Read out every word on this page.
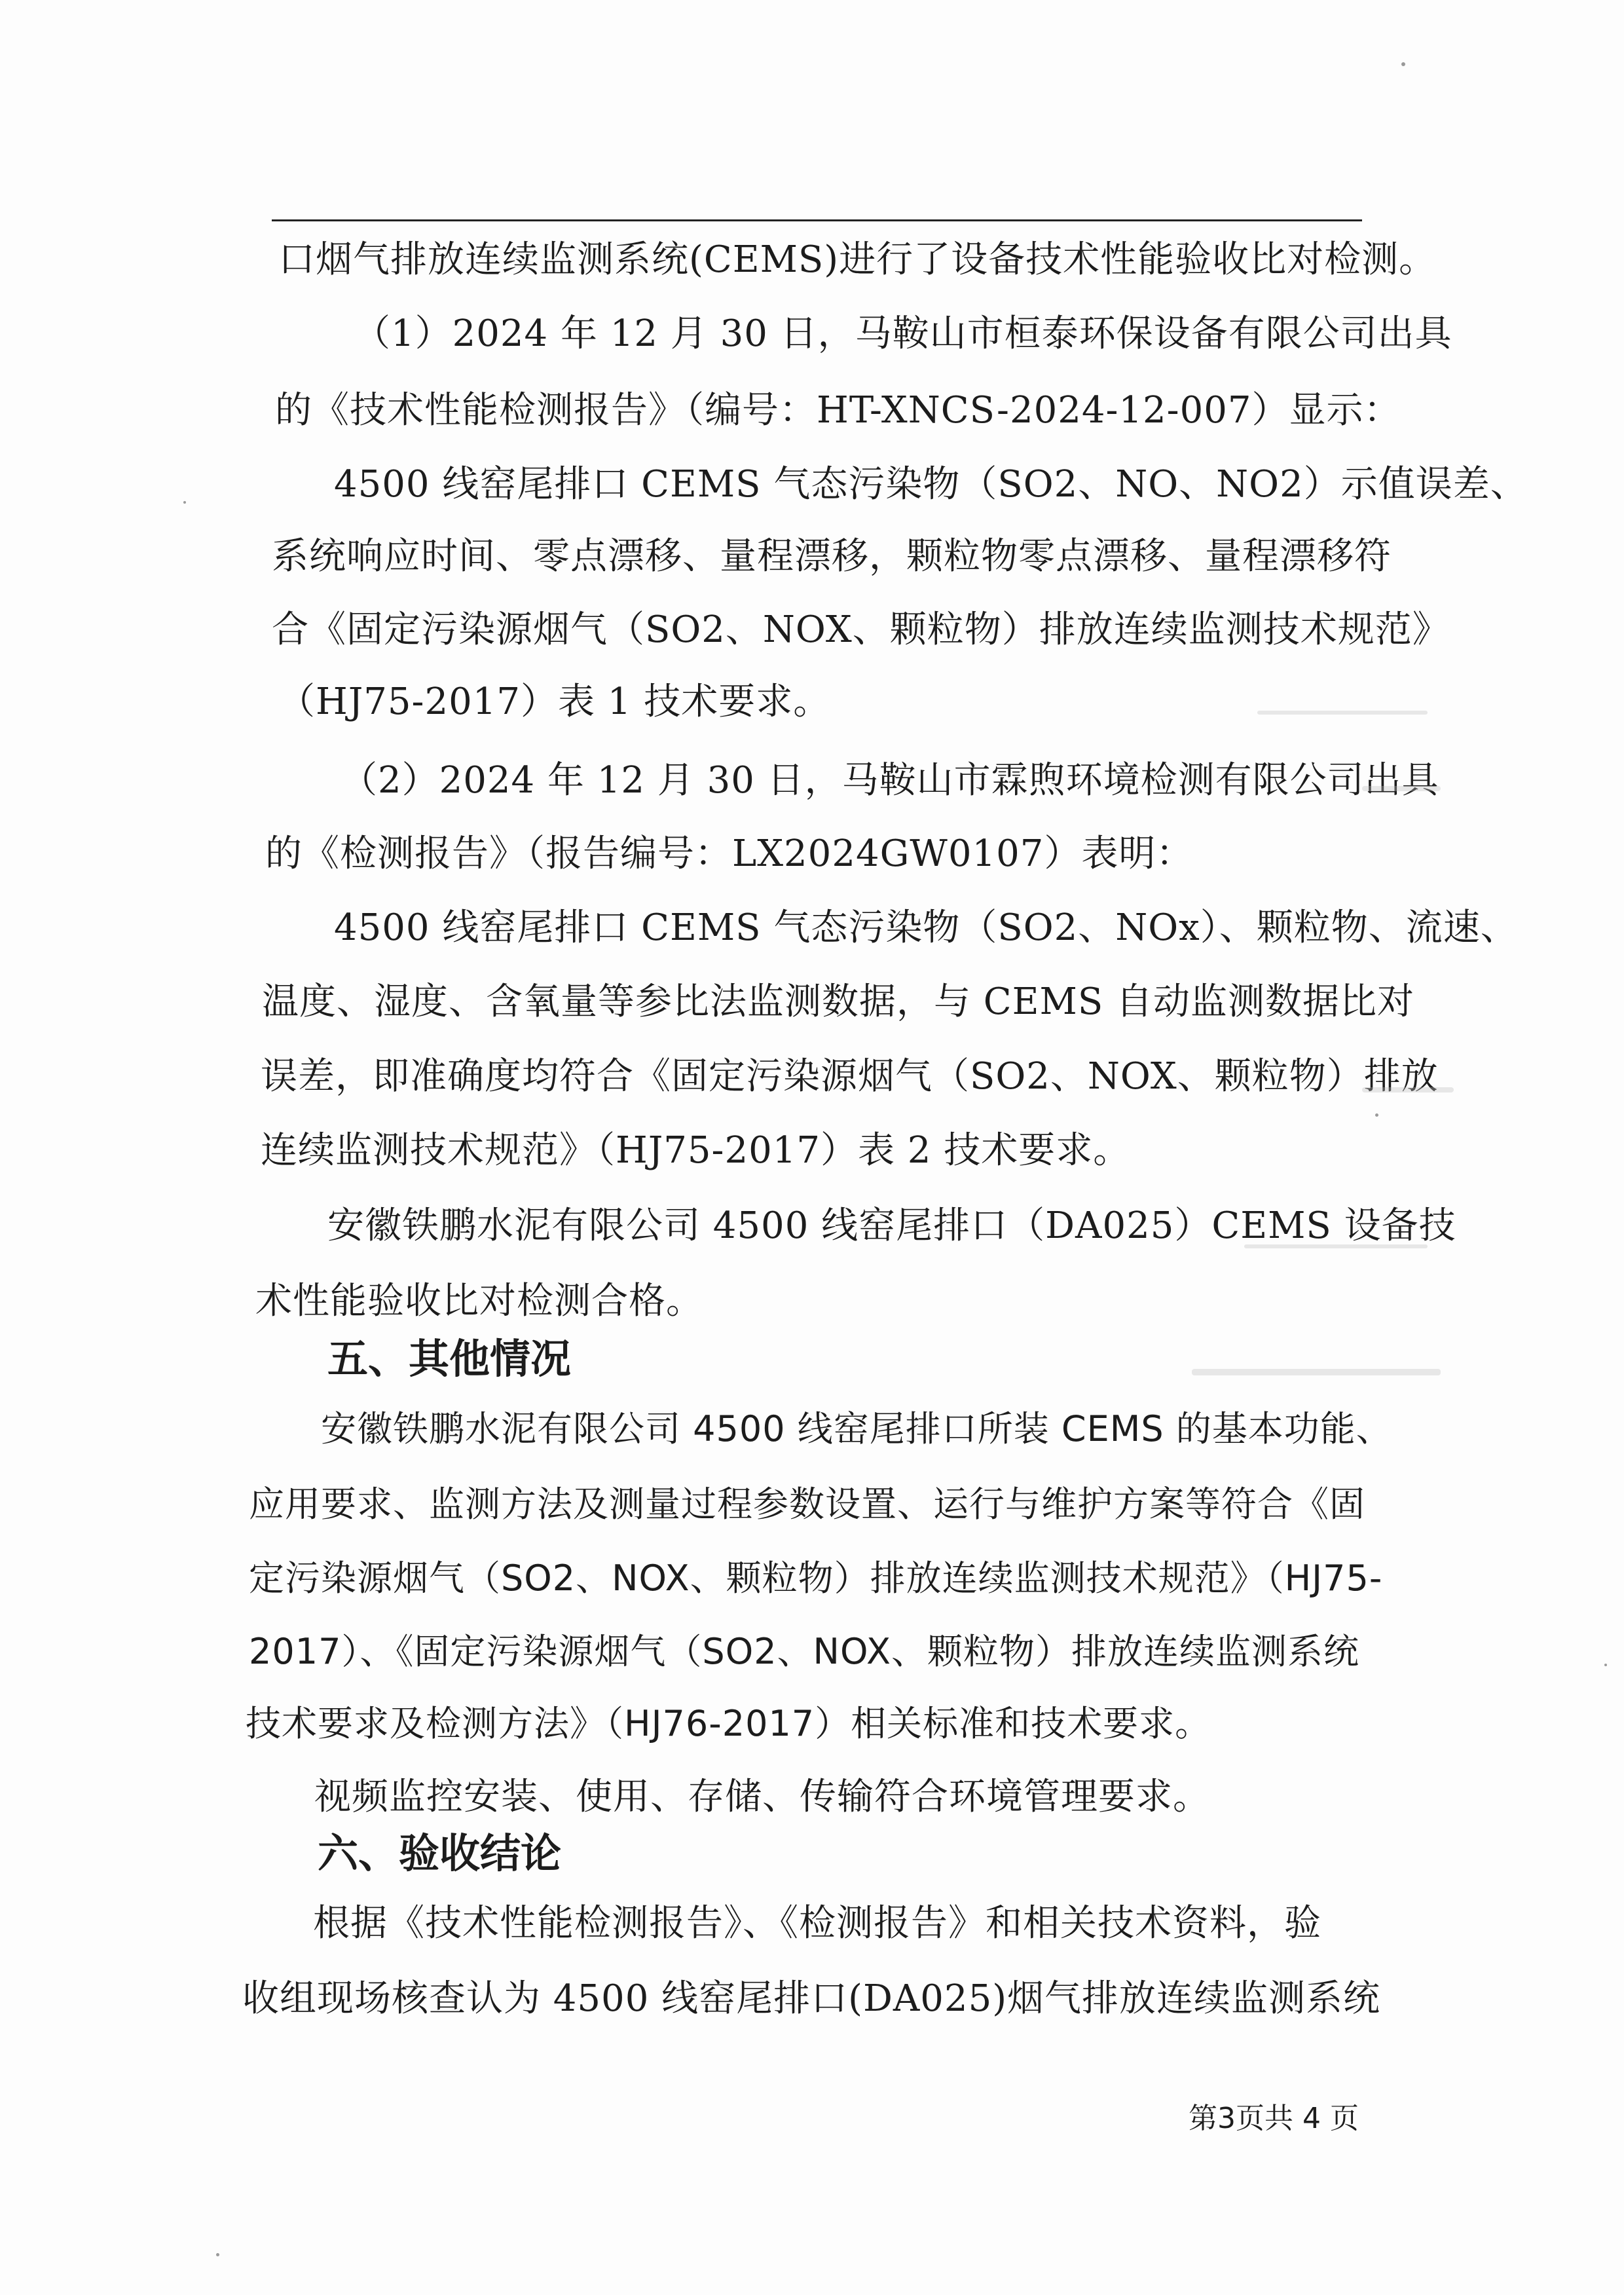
口烟气排放连续监测系统(CEMS)进行了设备技术性能验收比对检测。
（1）2024 年 12 月 30 日，马鞍山市桓泰环保设备有限公司出具
的《技术性能检测报告》（编号：HT-XNCS-2024-12-007）显示：
4500 线窑尾排口 CEMS 气态污染物（SO2、NO、NO2）示值误差、
系统响应时间、零点漂移、量程漂移，颗粒物零点漂移、量程漂移符
合《固定污染源烟气（SO2、NOX、颗粒物）排放连续监测技术规范》
（HJ75-2017）表 1 技术要求。
（2）2024 年 12 月 30 日，马鞍山市霖煦环境检测有限公司出具
的《检测报告》（报告编号：LX2024GW0107）表明：
4500 线窑尾排口 CEMS 气态污染物（SO2、NOx）、颗粒物、流速、
温度、湿度、含氧量等参比法监测数据，与 CEMS 自动监测数据比对
误差，即准确度均符合《固定污染源烟气（SO2、NOX、颗粒物）排放
连续监测技术规范》（HJ75-2017）表 2 技术要求。
安徽铁鹏水泥有限公司 4500 线窑尾排口（DA025）CEMS 设备技
术性能验收比对检测合格。
五、其他情况
安徽铁鹏水泥有限公司 4500 线窑尾排口所装 CEMS 的基本功能、
应用要求、监测方法及测量过程参数设置、运行与维护方案等符合《固
定污染源烟气（SO2、NOX、颗粒物）排放连续监测技术规范》（HJ75-
2017）、《固定污染源烟气（SO2、NOX、颗粒物）排放连续监测系统
技术要求及检测方法》（HJ76-2017）相关标准和技术要求。
视频监控安装、使用、存储、传输符合环境管理要求。
六、验收结论
根据《技术性能检测报告》、《检测报告》和相关技术资料，验
收组现场核查认为 4500 线窑尾排口(DA025)烟气排放连续监测系统
第3页共 4 页
